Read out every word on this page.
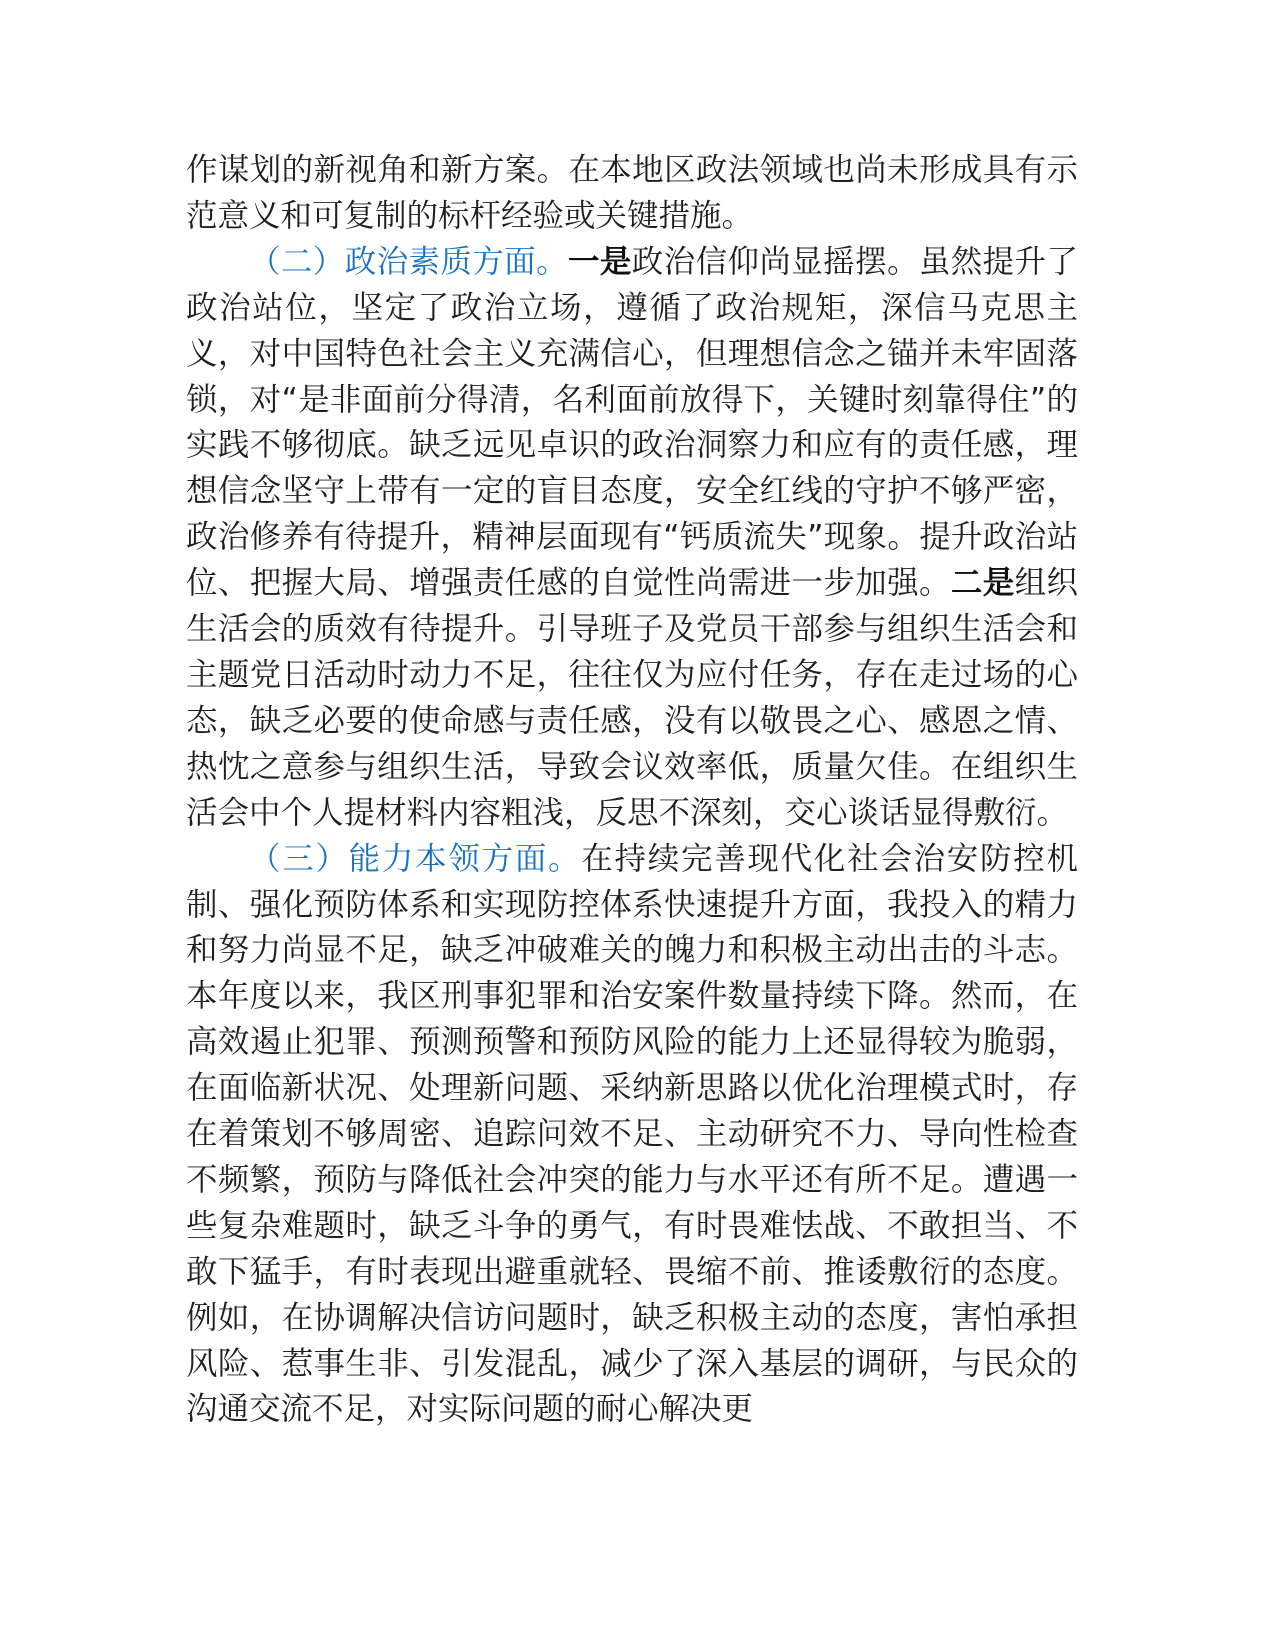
作谋划的新视角和新方案。在本地区政法领域也尚未形成具有示范意义和可复制的标杆经验或关键措施。

（二）政治素质方面。一是政治信仰尚显摇摆。虽然提升了政治站位，坚定了政治立场，遵循了政治规矩，深信马克思主义，对中国特色社会主义充满信心，但理想信念之锚并未牢固落锁，对“是非面前分得清，名利面前放得下，关键时刻靠得住”的实践不够彻底。缺乏远见卓识的政治洞察力和应有的责任感，理想信念坚守上带有一定的盲目态度，安全红线的守护不够严密，政治修养有待提升，精神层面现有“钙质流失”现象。提升政治站位、把握大局、增强责任感的自觉性尚需进一步加强。二是组织生活会的质效有待提升。引导班子及党员干部参与组织生活会和主题党日活动时动力不足，往往仅为应付任务，存在走过场的心态，缺乏必要的使命感与责任感，没有以敬畏之心、感恩之情、热忱之意参与组织生活，导致会议效率低，质量欠佳。在组织生活会中个人提材料内容粗浅，反思不深刻，交心谈话显得敷衍。

（三）能力本领方面。在持续完善现代化社会治安防控机制、强化预防体系和实现防控体系快速提升方面，我投入的精力和努力尚显不足，缺乏冲破难关的魄力和积极主动出击的斗志。本年度以来，我区刑事犯罪和治安案件数量持续下降。然而，在高效遏止犯罪、预测预警和预防风险的能力上还显得较为脆弱，在面临新状况、处理新问题、采纳新思路以优化治理模式时，存在着策划不够周密、追踪问效不足、主动研究不力、导向性检查不频繁，预防与降低社会冲突的能力与水平还有所不足。遭遇一些复杂难题时，缺乏斗争的勇气，有时畏难怯战、不敢担当、不敢下猛手，有时表现出避重就轻、畏缩不前、推诿敷衍的态度。例如，在协调解决信访问题时，缺乏积极主动的态度，害怕承担风险、惹事生非、引发混乱，减少了深入基层的调研，与民众的沟通交流不足，对实际问题的耐心解决更
